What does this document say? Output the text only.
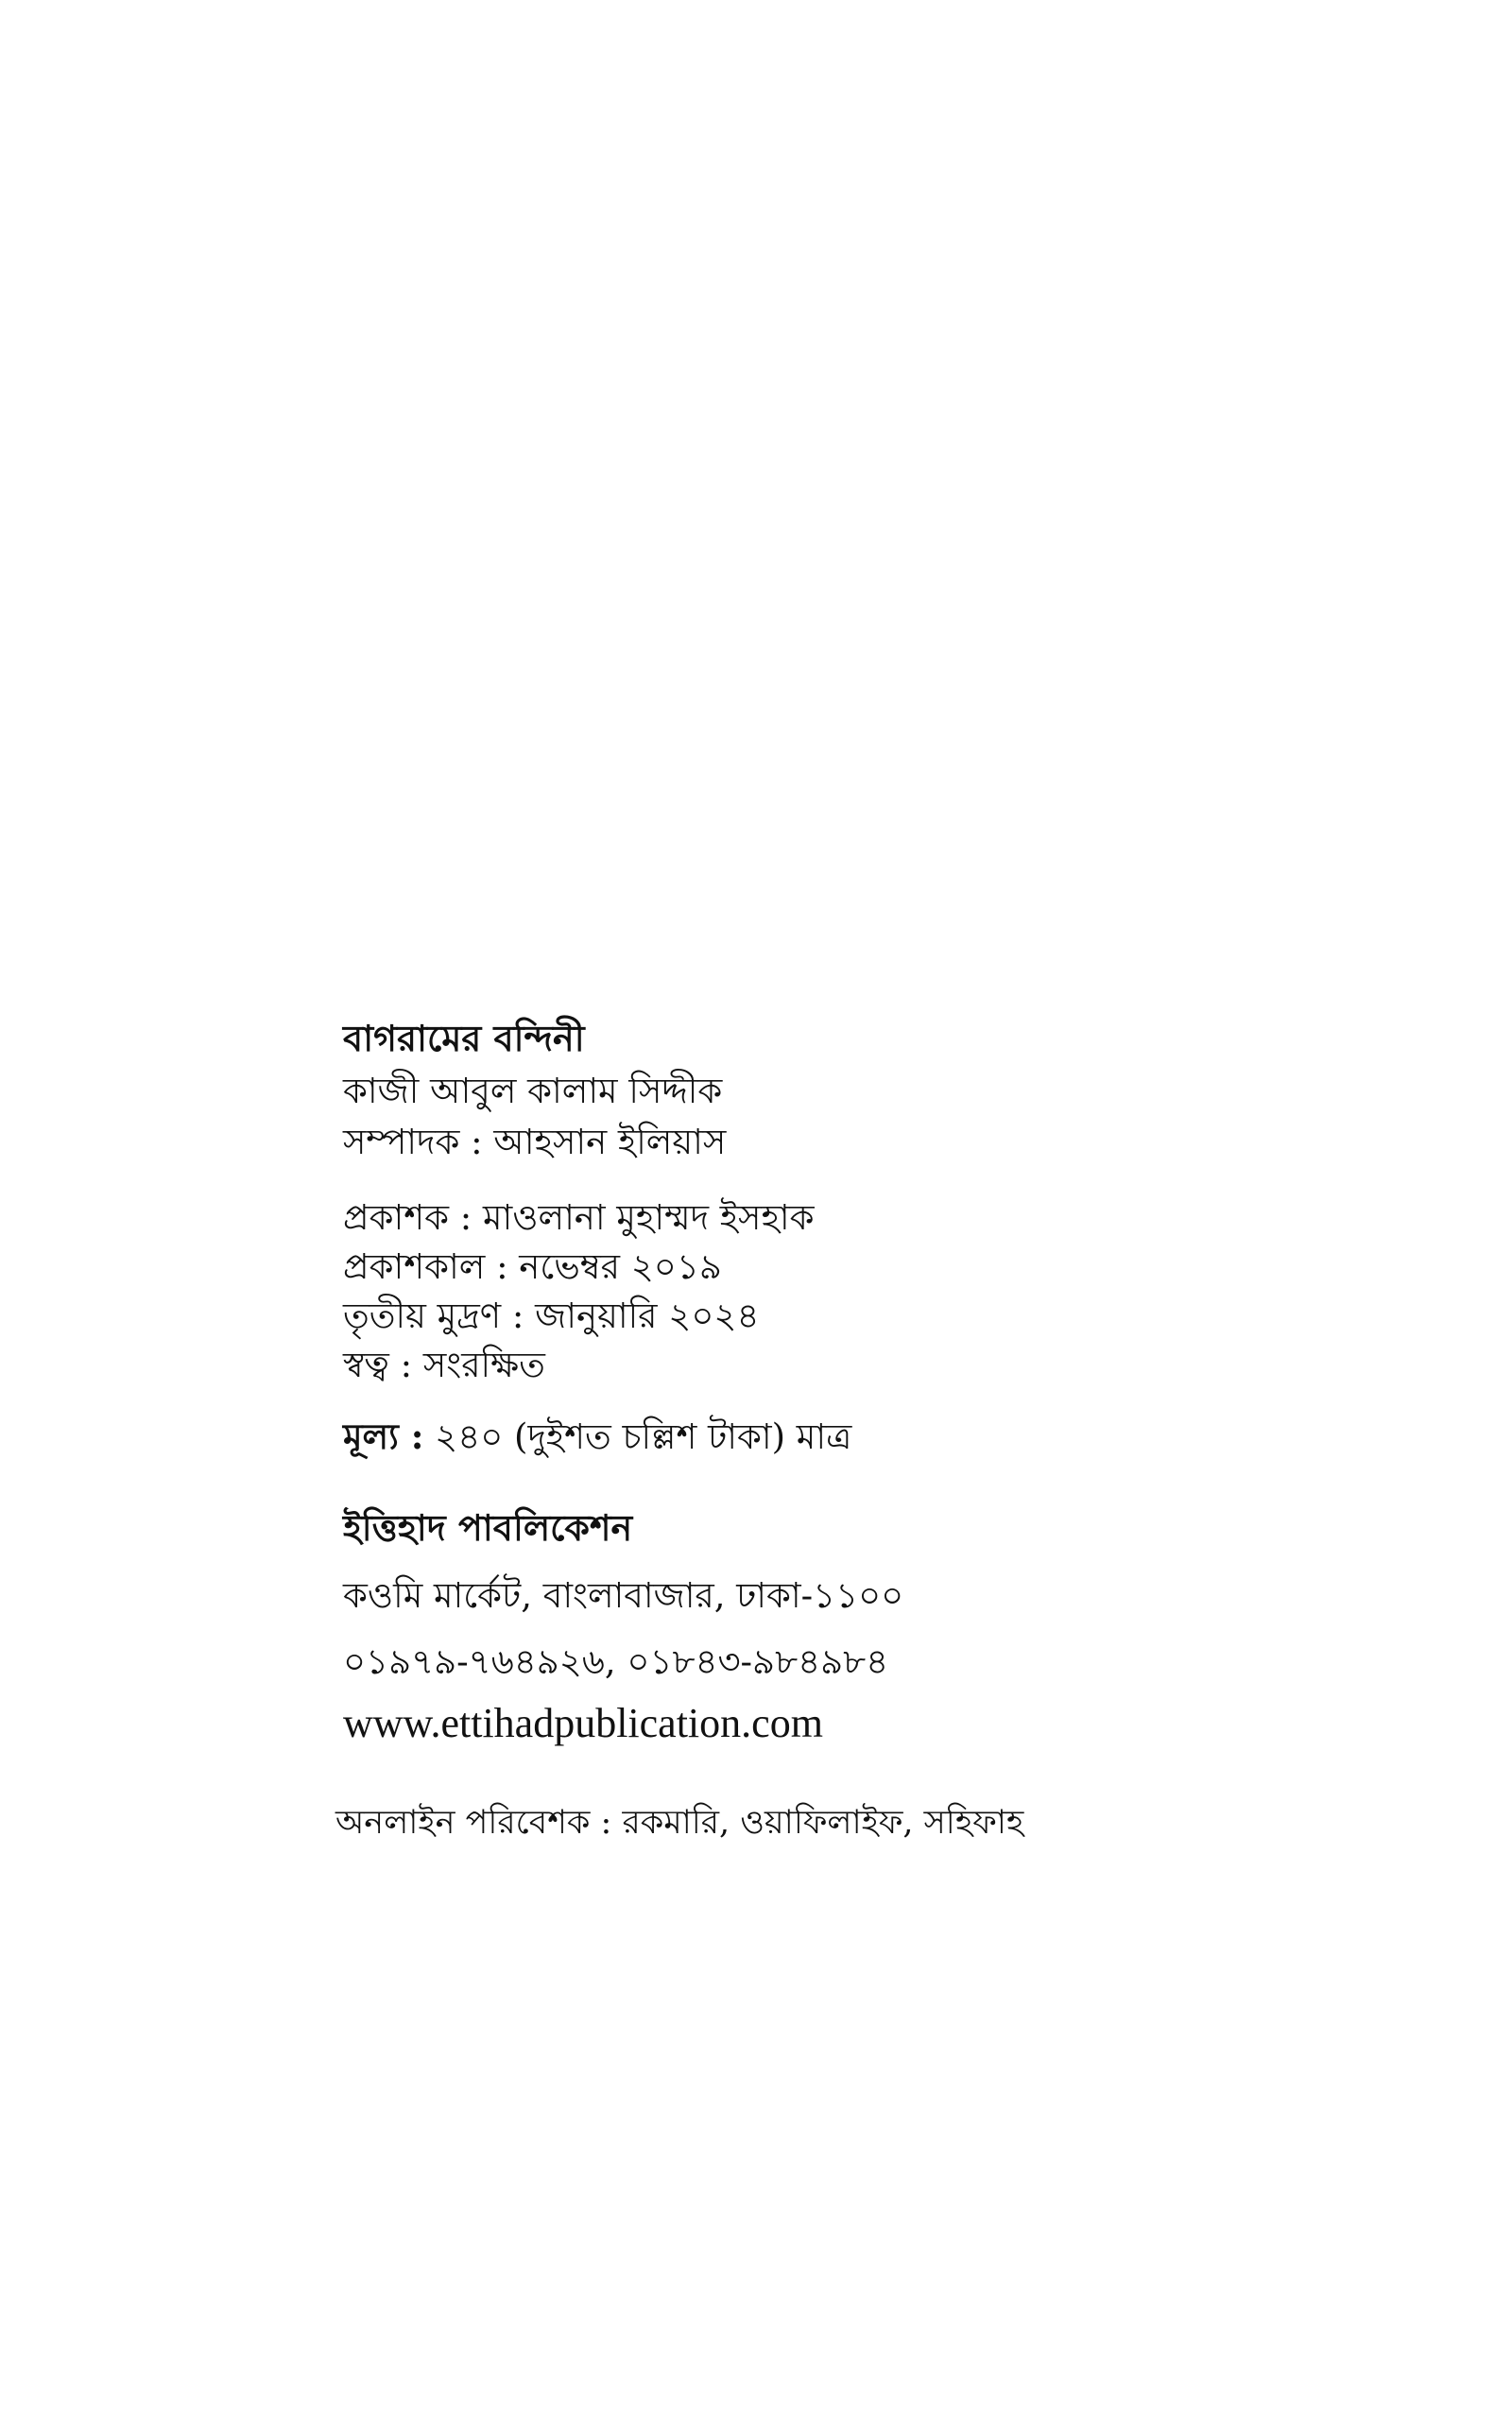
বাগরামের বন্দিনী
কাজী আবুল কালাম সিদ্দীক
সম্পাদক : আহসান ইলিয়াস
প্রকাশক : মাওলানা মুহাম্মদ ইসহাক
প্রকাশকাল : নভেম্বর ২০১৯
তৃতীয় মুদ্রণ : জানুয়ারি ২০২৪
স্বত্ব : সংরক্ষিত
মূল্য : ২৪০ (দুইশত চল্লিশ টাকা) মাত্র
ইত্তিহাদ পাবলিকেশন
কওমি মার্কেট, বাংলাবাজার, ঢাকা-১১০০
০১৯৭৯-৭৬৪৯২৬, ০১৮৪৩-৯৮৪৯৮৪
www.ettihadpublication.com
অনলাইন পরিবেশক : রকমারি, ওয়াফিলাইফ, সহিফাহ
